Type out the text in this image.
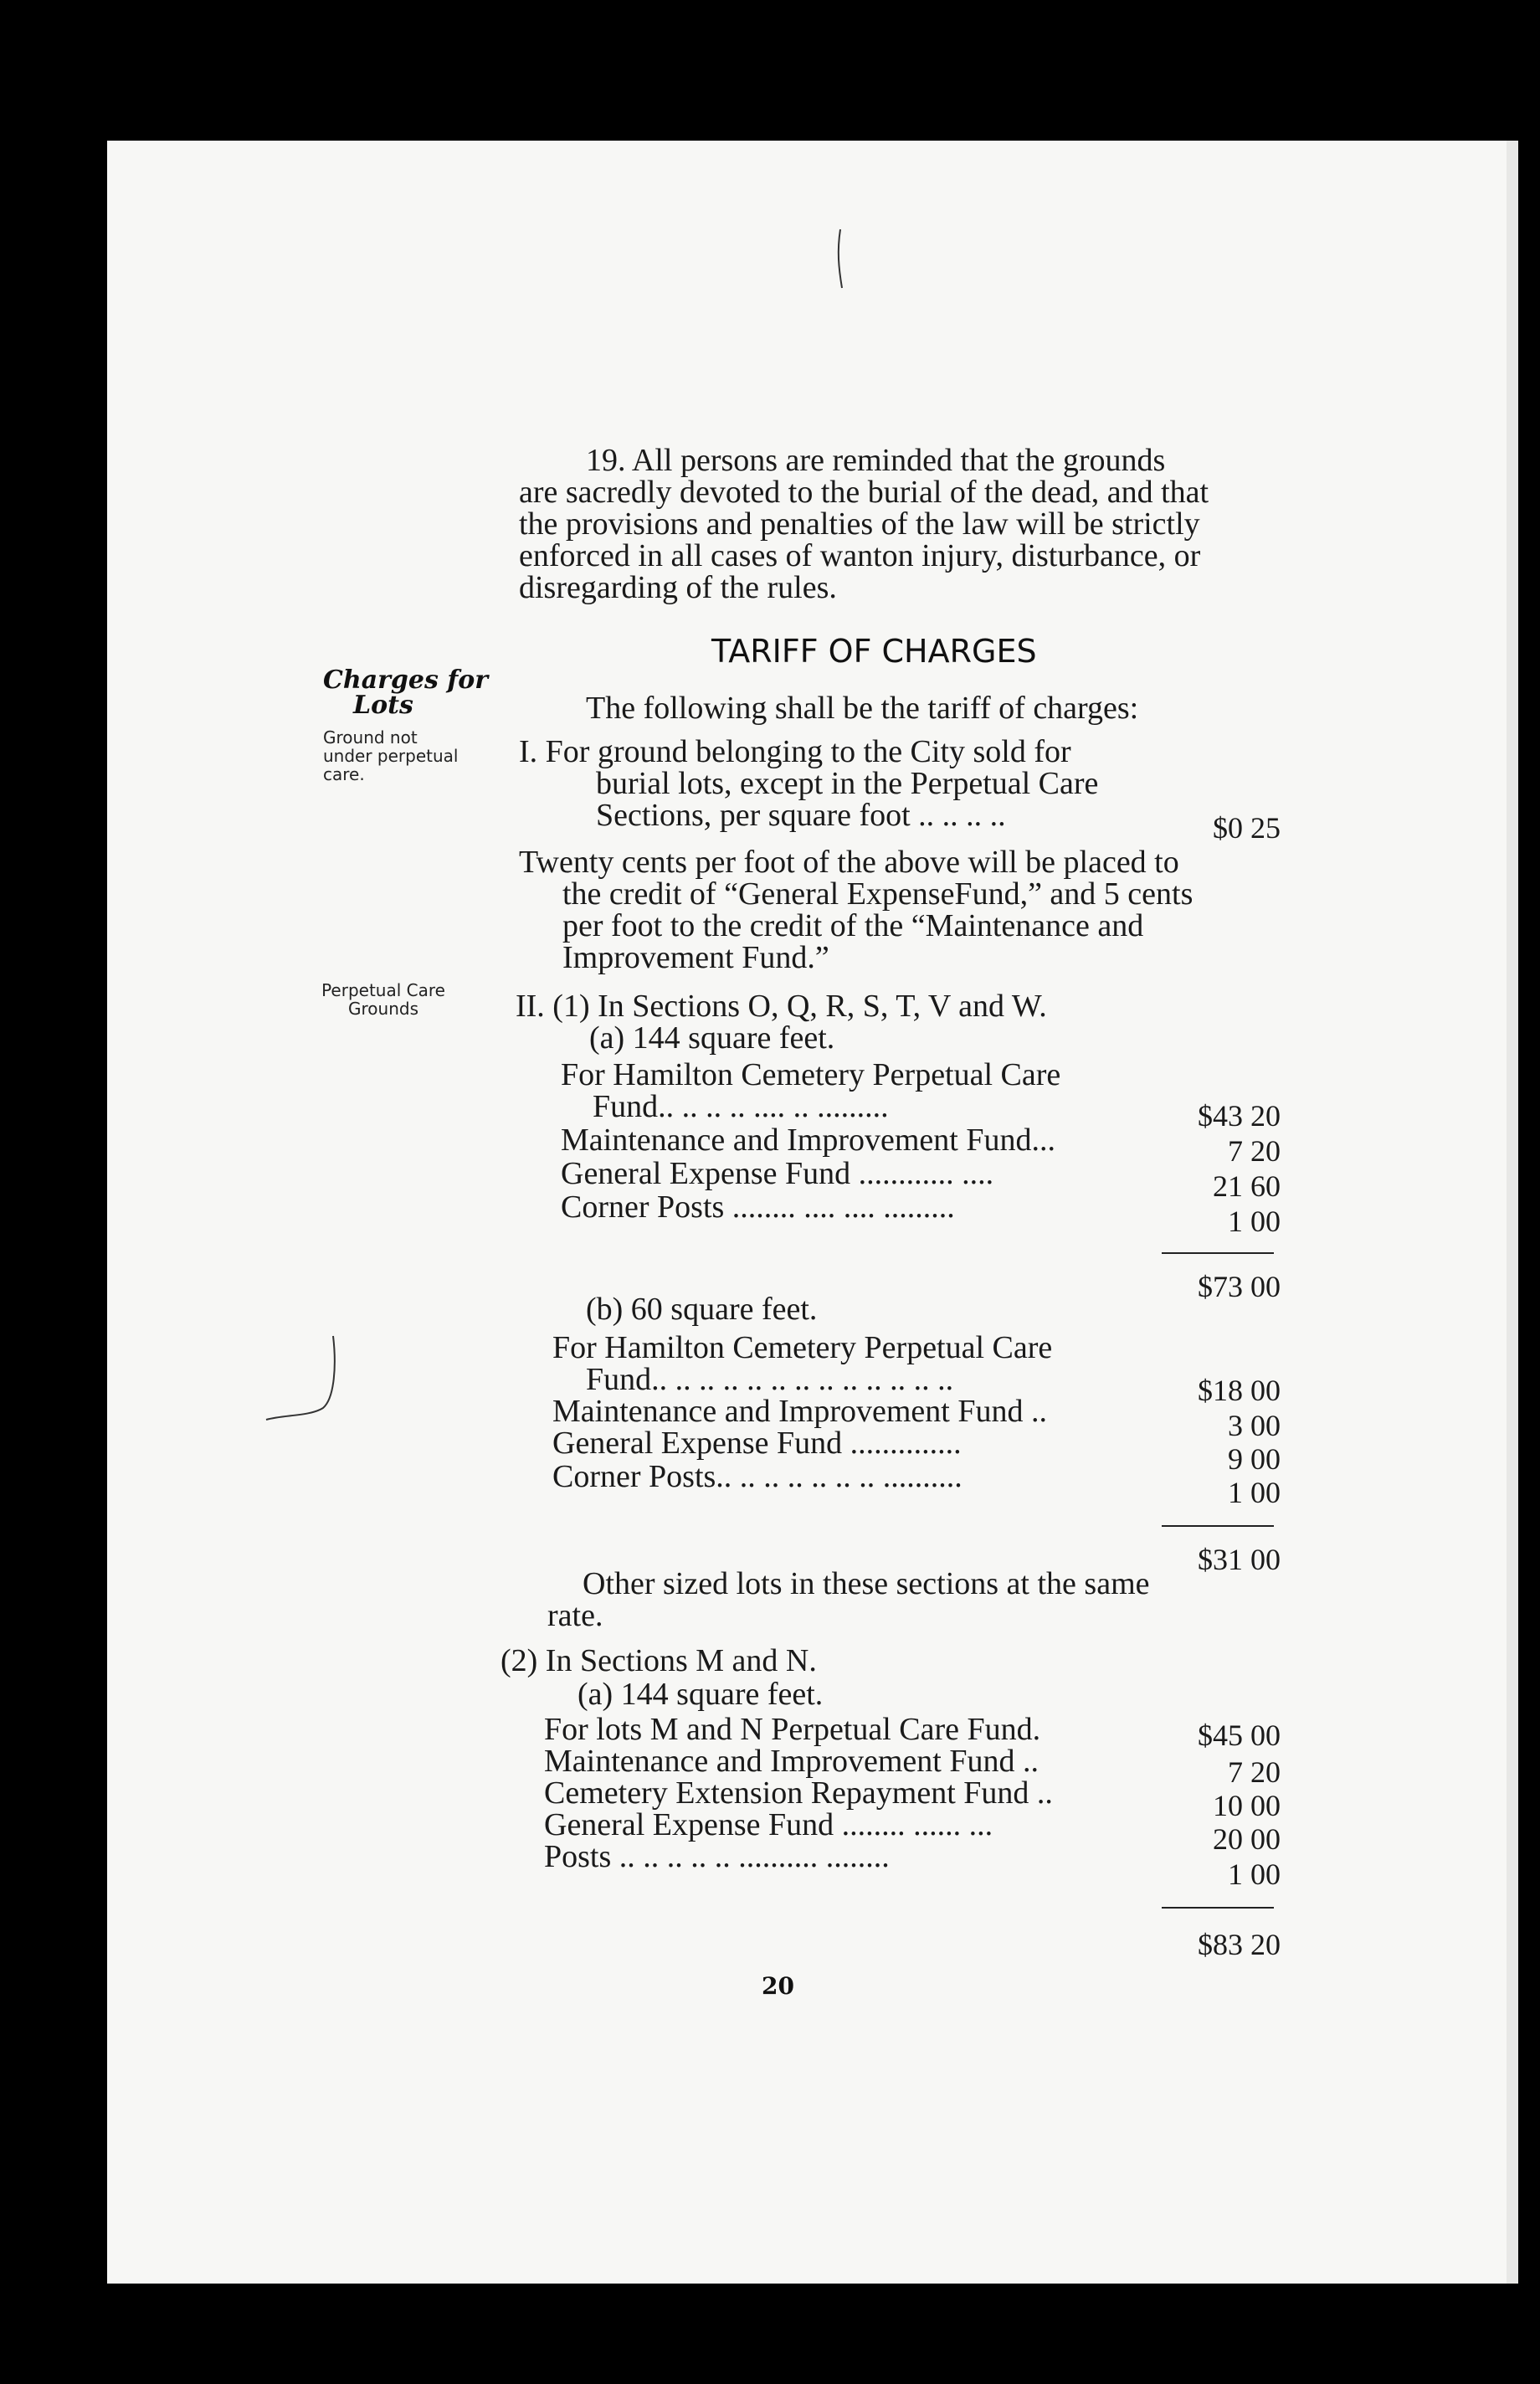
19. All persons are reminded that the grounds
are sacredly devoted to the burial of the dead, and that
the provisions and penalties of the law will be strictly
enforced in all cases of wanton injury, disturbance, or
disregarding of the rules.
TARIFF OF CHARGES
Charges for
Lots
Ground not
under perpetual
care.
Perpetual Care
Grounds
The following shall be the tariff of charges:
I. For ground belonging to the City sold for
burial lots, except in the Perpetual Care
Sections, per square foot .. .. .. ..	$0 25
Twenty cents per foot of the above will be placed to
the credit of “General ExpenseFund,” and 5 cents
per foot to the credit of the “Maintenance and
Improvement Fund.”
II. (1) In Sections O, Q, R, S, T, V and W.
(a) 144 square feet.
For Hamilton Cemetery Perpetual Care
Fund.. .. .. .. .... .. .........	$43 20
Maintenance and Improvement Fund...	7 20
General Expense Fund ............ ....	21 60
Corner Posts ........ .... .... .........	1 00
$73 00
(b) 60 square feet.
For Hamilton Cemetery Perpetual Care
Fund.. .. .. .. .. .. .. .. .. .. .. .. ..	$18 00
Maintenance and Improvement Fund ..	3 00
General Expense Fund ..............	9 00
Corner Posts.. .. .. .. .. .. .. ..........	1 00
$31 00
Other sized lots in these sections at the same
rate.
(2) In Sections M and N.
(a) 144 square feet.
For lots M and N Perpetual Care Fund.	$45 00
Maintenance and Improvement Fund ..	7 20
Cemetery Extension Repayment Fund ..	10 00
General Expense Fund ........ ...... ...	20 00
Posts .. .. .. .. .. .......... ........	1 00
$83 20
20
